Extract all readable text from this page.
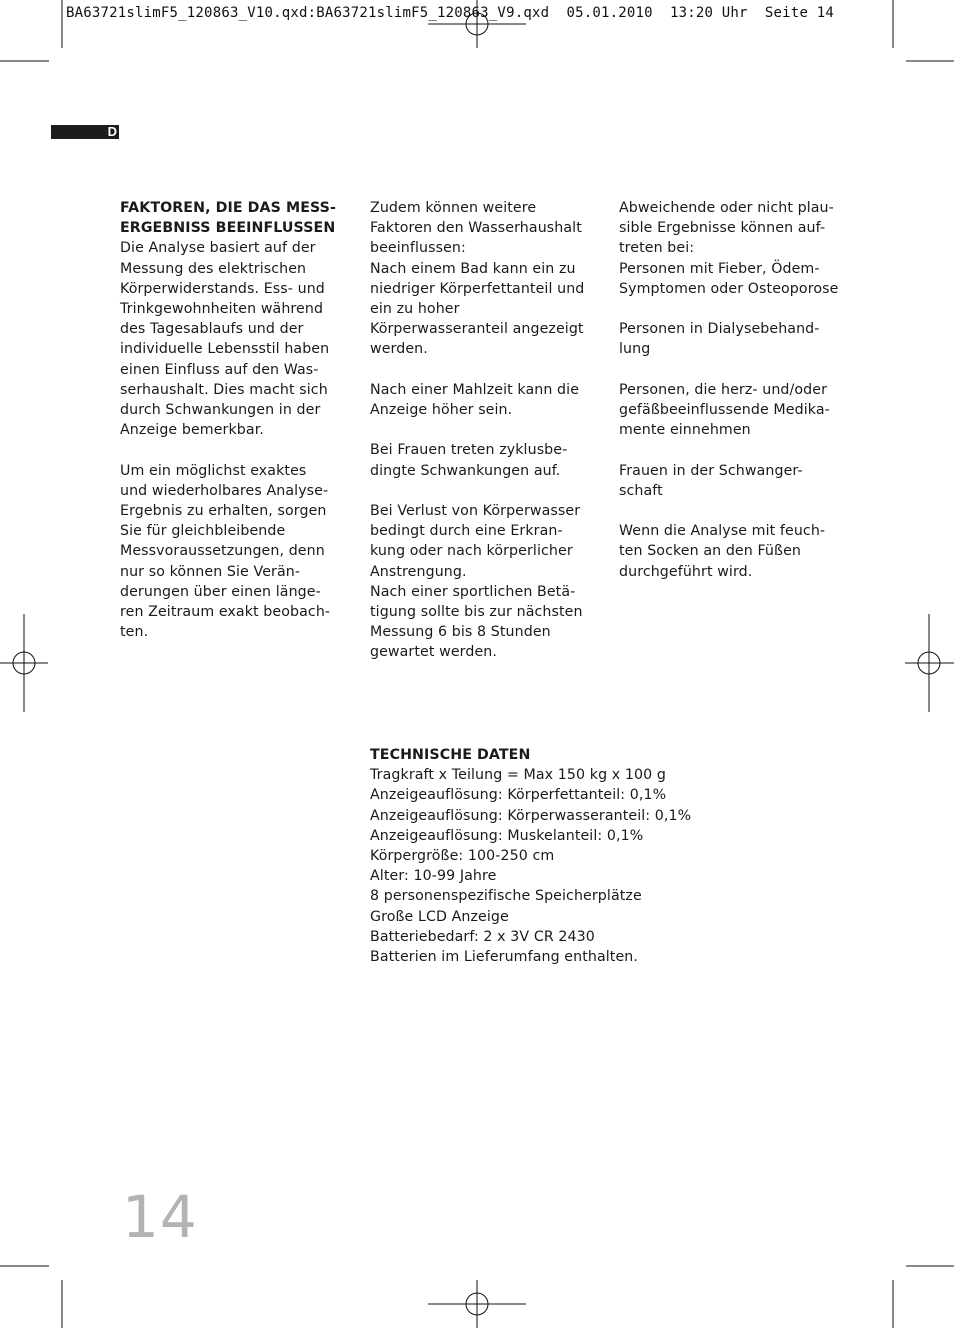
BA63721slimF5_120863_V10.qxd:BA63721slimF5_120863_V9.qxd  05.01.2010  13:20 Uhr  Seite 14
D
FAKTOREN, DIE DAS MESS-
ERGEBNISS BEEINFLUSSEN

Die Analyse basiert auf der
Messung des elektrischen
Körperwiderstands. Ess- und
Trinkgewohnheiten während
des Tagesablaufs und der
individuelle Lebensstil haben
einen Einfluss auf den Was-
serhaushalt. Dies macht sich
durch Schwankungen in der
Anzeige bemerkbar.

Um ein möglichst exaktes
und wiederholbares Analyse-
Ergebnis zu erhalten, sorgen
Sie für gleichbleibende
Messvoraussetzungen, denn
nur so können Sie Verän-
derungen über einen länge-
ren Zeitraum exakt beobach-
ten.

Zudem können weitere
Faktoren den Wasserhaushalt
beeinflussen:
Nach einem Bad kann ein zu
niedriger Körperfettanteil und
ein zu hoher
Körperwasseranteil angezeigt
werden.

Nach einer Mahlzeit kann die
Anzeige höher sein.

Bei Frauen treten zyklusbe-
dingte Schwankungen auf.

Bei Verlust von Körperwasser
bedingt durch eine Erkran-
kung oder nach körperlicher
Anstrengung.
Nach einer sportlichen Betä-
tigung sollte bis zur nächsten
Messung 6 bis 8 Stunden
gewartet werden.

Abweichende oder nicht plau-
sible Ergebnisse können auf-
treten bei:
Personen mit Fieber, Ödem-
Symptomen oder Osteoporose

Personen in Dialysebehand-
lung

Personen, die herz- und/oder
gefäßbeeinflussende Medika-
mente einnehmen

Frauen in der Schwanger-
schaft

Wenn die Analyse mit feuch-
ten Socken an den Füßen
durchgeführt wird.

TECHNISCHE DATEN
Tragkraft x Teilung = Max 150 kg x 100 g
Anzeigeauflösung: Körperfettanteil: 0,1%
Anzeigeauflösung: Körperwasseranteil: 0,1%
Anzeigeauflösung: Muskelanteil: 0,1%
Körpergröße: 100-250 cm
Alter: 10-99 Jahre
8 personenspezifische Speicherplätze
Große LCD Anzeige
Batteriebedarf: 2 x 3V CR 2430
Batterien im Lieferumfang enthalten.
14
